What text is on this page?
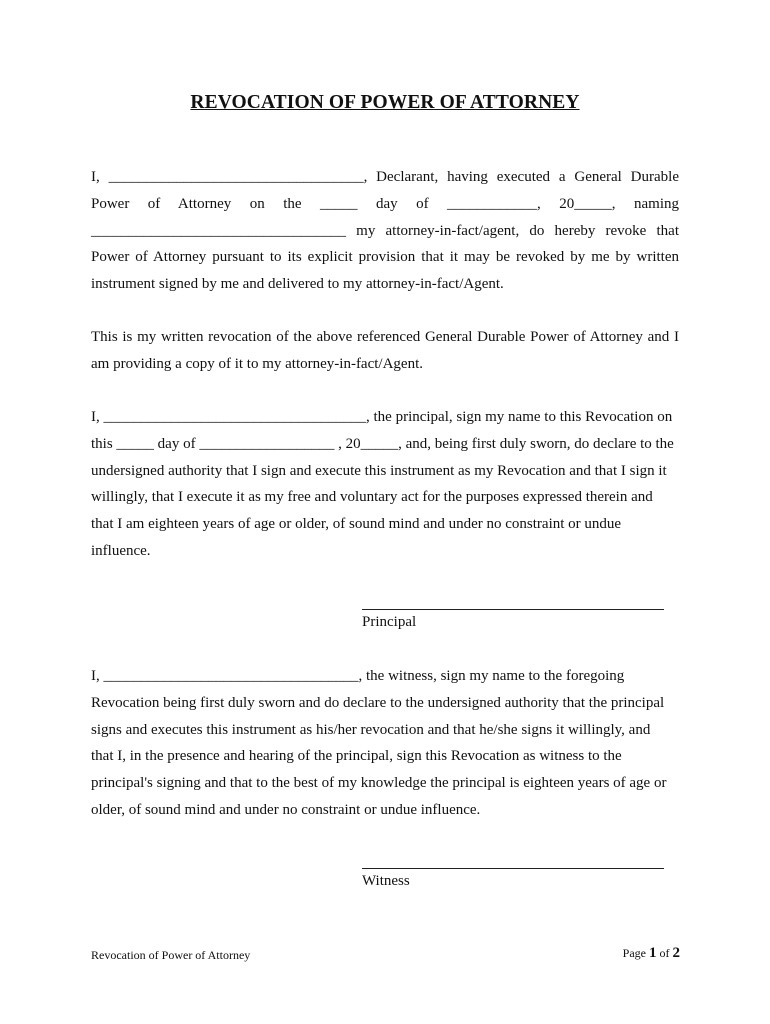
REVOCATION OF POWER OF ATTORNEY
I, __________________________________, Declarant, having executed a General Durable
Power of Attorney on the _____ day of ____________, 20_____, naming
__________________________________ my attorney-in-fact/agent, do hereby revoke that
Power of Attorney pursuant to its explicit provision that it may be revoked by me by written
instrument signed by me and delivered to my attorney-in-fact/Agent.
This is my written revocation of the above referenced General Durable Power of Attorney and I
am providing a copy of it to my attorney-in-fact/Agent.
I, ___________________________________, the principal, sign my name to this Revocation on
this _____ day of __________________ , 20_____, and, being first duly sworn, do declare to the
undersigned authority that I sign and execute this instrument as my Revocation and that I sign it
willingly, that I execute it as my free and voluntary act for the purposes expressed therein and
that I am eighteen years of age or older, of sound mind and under no constraint or undue
influence.
Principal
I, __________________________________, the witness, sign my name to the foregoing
Revocation being first duly sworn and do declare to the undersigned authority that the principal
signs and executes this instrument as his/her revocation and that he/she signs it willingly, and
that I, in the presence and hearing of the principal, sign this Revocation as witness to the
principal's signing and that to the best of my knowledge the principal is eighteen years of age or
older, of sound mind and under no constraint or undue influence.
Witness
Revocation of Power of Attorney	Page 1 of 2
